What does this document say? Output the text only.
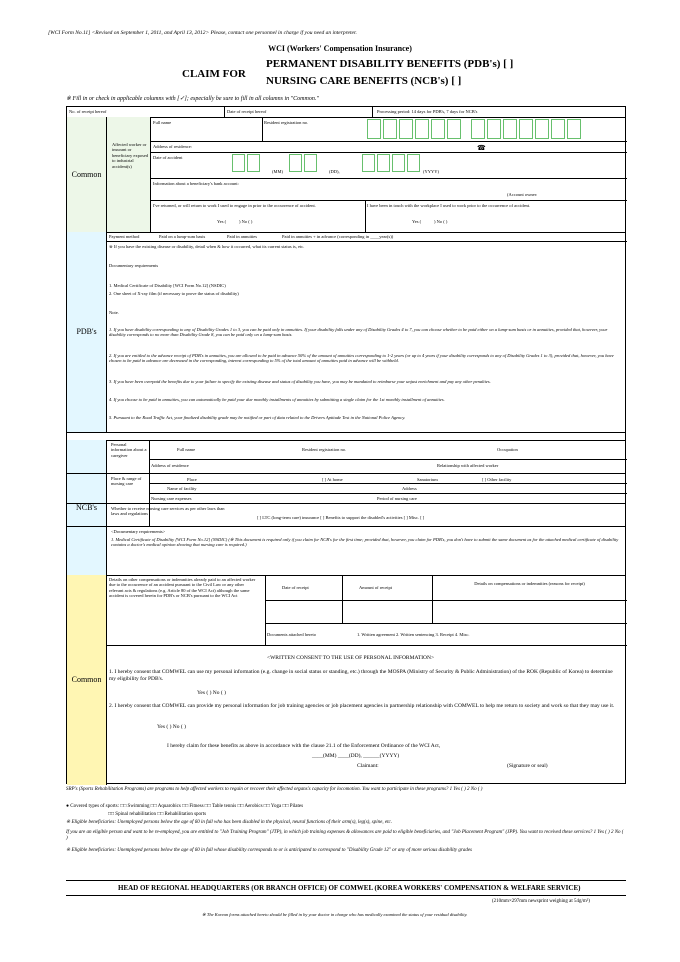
[WCI Form No.11] <Revised on September 1, 2011, and April 13, 2012> Please, contact one personnel in charge if you need an interpreter.
WCI (Workers' Compensation Insurance)
CLAIM FOR
PERMANENT DISABILITY BENEFITS (PDB's) [ ]
NURSING CARE BENEFITS (NCB's) [ ]
※ Fill in or check in applicable columns with [✓]; especially be sure to fill in all columns in "Common."
No. of receipt hereof	Date of receipt hereof	Processing period: 14 days for PDB's, 7 days for NCB's
Common
Affected worker or insurant or beneficiary exposed to industrial accident(s)
Full name	Resident registration no.
Address of residence:	☎
Date of accident
(MM)	(DD),	(YYYY)
Information about a beneficiary's bank account:
(Account owner:
I've returned, or will return to work I used to engage in prior to the occurrence of accident.
Yes (	) No ( )
I have been in touch with the workplace I used to work prior to the occurrence of accident.
Yes (	) No ( )
PDB's
Payment method	Paid on a lump-sum basis	Paid in annuities	Paid in annuities + in advance (corresponding in ____year(s))
※ If you have the existing disease or disability, detail when & how it occurred, what its current status is, etc.
Documentary requirements
1. Medical Certificate of Disability [WCI Form No.12] (NSDIC)
2. One sheet of X-ray film (if necessary to prove the status of disability)
Note.
1. If you have disability corresponding to any of Disability Grades 1 to 3, you can be paid only in annuities. If your disability falls under any of Disability Grades 4 to 7, you can choose whether to be paid either on a lump-sum basis or in annuities, provided that, however, your disability corresponds to no more than Disability Grade 8, you can be paid only on a lump-sum basis.
2. If you are entitled to the advance receipt of PDB's in annuities, you are allowed to be paid in advance 50% of the amount of annuities corresponding to 1-2 years (or up to 4 years if your disability corresponds to any of Disability Grades 1 to 3), provided that, however, you have chosen to be paid in advance are decreased in the corresponding, interest corresponding to 5% of the total amount of annuities paid in advance will be withheld.
3. If you have been overpaid the benefits due to your failure to specify the existing disease and status of disability you have, you may be mandated to reimburse your unjust enrichment and pay any other penalties.
4. If you choose to be paid in annuities, you can automatically be paid your due monthly installments of annuities by submitting a single claim for the 1st monthly installment of annuities.
5. Pursuant to the Road Traffic Act, your finalized disability grade may be notified or part of data related to the Drivers Aptitude Test in the National Police Agency.
NCB's
Personal information about a caregiver
Full name	Resident registration no.	Occupation
Address of residence	Relationship with affected worker
Place & range of nursing care
Place	[ ] At home	Sanatorium	[ ] Other facility
Name of facility	Address
Nursing care expenses	Period of nursing care
Whether to receive nursing care services as per other laws than laws and regulations
[ ] LTC (long-term care) insurance [ ] Benefits to support the disabled's activities [ ] Misc. [ ]
<Documentary requirements>
1. Medical Certificate of Disability [WCI Form No.12] (NSDIC) (※ This document is required only if you claim for NCB's for the first time; provided that, however, you claim for PDB's, you don't have to submit the same document as for the attached medical certificate of disability contains a doctor's medical opinion showing that nursing care is required.)
Common
Details on other compensations or indemnities already paid to an affected worker due to the occurrence of an accident pursuant to the Civil Law or any other relevant acts & regulations (e.g. Article 80 of the WCI Act) although the same accident is covered herein for PDB's or NCB's pursuant to the WCI Act
Date of receipt	Amount of receipt
Details on compensations or indemnities (reasons for receipt)
Documents attached hereto	1. Written agreement 2. Written sentencing 3. Receipt 4. Misc.
<WRITTEN CONSENT TO THE USE OF PERSONAL INFORMATION>
1. I hereby consent that COMWEL can use my personal information (e.g. change in social status or standing, etc.) through the MOSPA (Ministry of Security & Public Administration) of the ROK (Republic of Korea) to determine my eligibility for PDB's.
Yes ( ) No ( )
2. I hereby consent that COMWEL can provide my personal information for job training agencies or job placement agencies in partnership relationship with COMWEL to help me return to society and work so that they may use it.
Yes ( ) No ( )
I hereby claim for these benefits as above in accordance with the clause 21.1 of the Enforcement Ordinance of the WCI Act,
____(MM) ____(DD), ______(YYYY)
Claimant:	(Signature or seal)
SRP's (Sports Rehabilitation Programs) are programs to help affected workers to regain or recover their affected organs's capacity for locomotion. You want to participate in these programs? 1 Yes ( ) 2 No ( )
● Covered types of sports: □□ Swimming □□ Aquarobics □□ Fitness □□ Table tennis □□ Aerobics □□ Yoga □□ Pilates
□□ Spinal rehabilitation □□ Rehabilitation sports
※ Eligible beneficiaries: Unemployed persons below the age of 60 in full who has been disabled in the physical, neural functions of their arm(s), leg(s), spine, etc.
If you are an eligible person and want to be re-employed, you are entitled to "Job Training Program" (JTP), in which job training expenses & allowances are paid to eligible beneficiaries, and "Job Placement Program" (JPP). You want to received these services? 1 Yes ( ) 2 No ( )
※ Eligible beneficiaries: Unemployed persons below the age of 60 in full whose disability corresponds to or is anticipated to correspond to "Disability Grade 12" or any of more serious disability grades
HEAD OF REGIONAL HEADQUARTERS (OR BRANCH OFFICE) OF COMWEL (KOREA WORKERS' COMPENSATION & WELFARE SERVICE)
(210mm×297mm newsprint weighing at 54g/m²)
※ The Korean forms attached hereto should be filled in by your doctor in charge who has medically examined the status of your residual disability.
